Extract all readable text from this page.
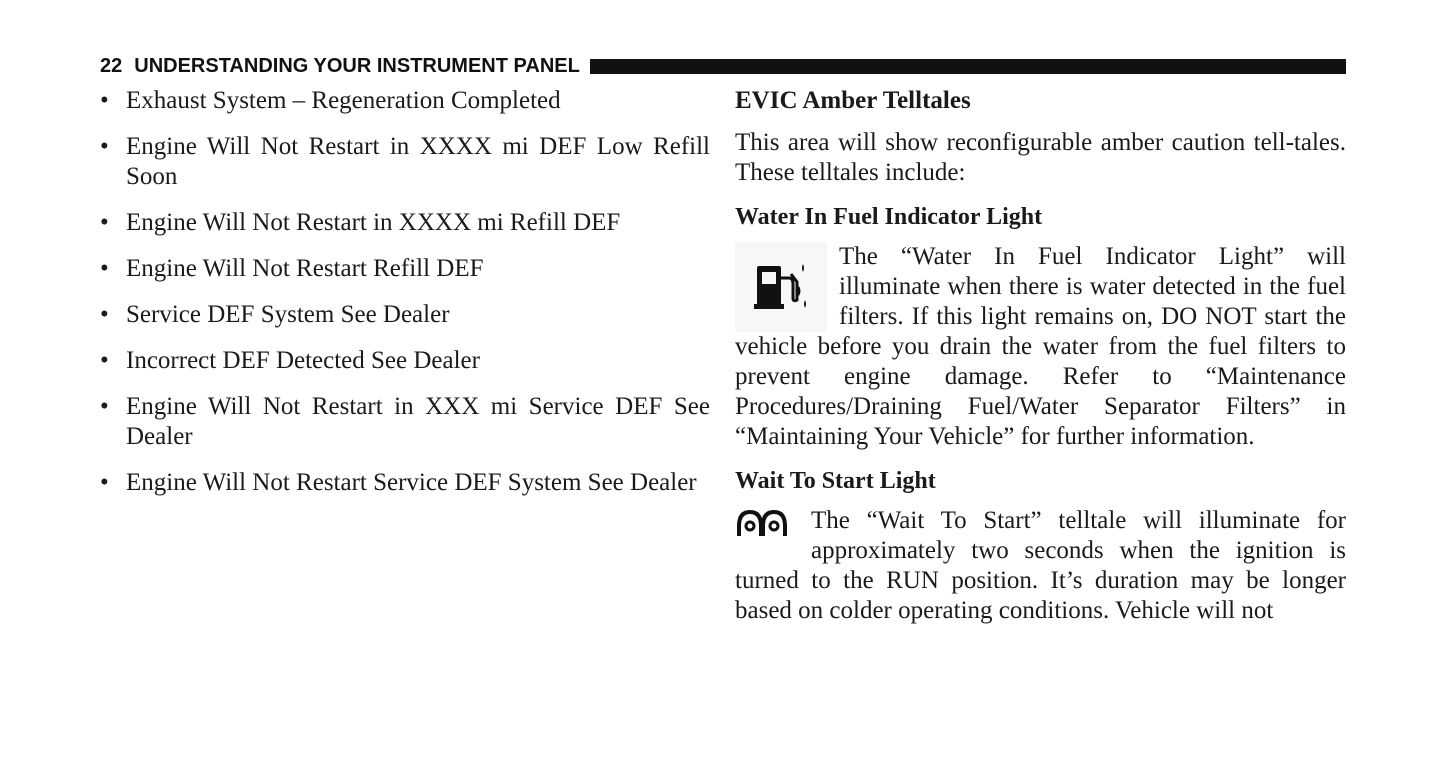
22 UNDERSTANDING YOUR INSTRUMENT PANEL
• Exhaust System – Regeneration Completed
• Engine Will Not Restart in XXXX mi DEF Low Refill Soon
• Engine Will Not Restart in XXXX mi Refill DEF
• Engine Will Not Restart Refill DEF
• Service DEF System See Dealer
• Incorrect DEF Detected See Dealer
• Engine Will Not Restart in XXX mi Service DEF See Dealer
• Engine Will Not Restart Service DEF System See Dealer
EVIC Amber Telltales

This area will show reconfigurable amber caution tell-tales. These telltales include:

Water In Fuel Indicator Light
The “Water In Fuel Indicator Light” will illuminate when there is water detected in the fuel filters. If this light remains on, DO NOT start the vehicle before you drain the water from the fuel filters to prevent engine damage. Refer to “Maintenance Procedures/Draining Fuel/Water Separator Filters” in “Maintaining Your Vehicle” for further information.
Wait To Start Light
The “Wait To Start” telltale will illuminate for approximately two seconds when the ignition is turned to the RUN position. It’s duration may be longer based on colder operating conditions. Vehicle will not
